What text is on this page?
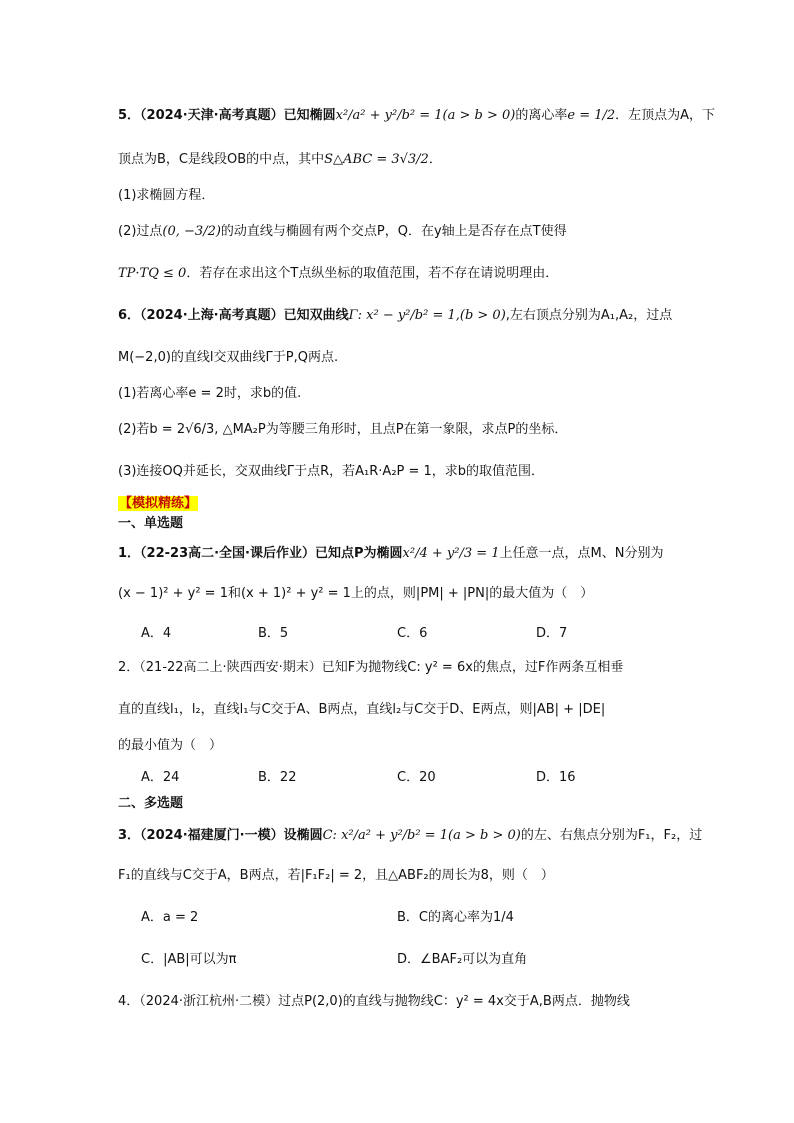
5．（2024·天津·高考真题）已知椭圆x²/a² + y²/b² = 1(a > b > 0)的离心率e = 1/2．左顶点为A，下
顶点为B，C是线段OB的中点，其中S△ABC = 3√3/2．
(1)求椭圆方程．
(2)过点(0, −3/2)的动直线与椭圆有两个交点P，Q．在y轴上是否存在点T使得
TP·TQ ≤ 0．若存在求出这个T点纵坐标的取值范围，若不存在请说明理由．
6．（2024·上海·高考真题）已知双曲线Γ: x² − y²/b² = 1,(b > 0),左右顶点分别为A₁,A₂，过点
M(−2,0)的直线l交双曲线Γ于P,Q两点.
(1)若离心率e = 2时，求b的值.
(2)若b = 2√6/3, △MA₂P为等腰三角形时，且点P在第一象限，求点P的坐标．
(3)连接OQ并延长，交双曲线Γ于点R，若A₁R·A₂P = 1，求b的取值范围．
【模拟精练】
一、单选题
1．（22-23高二·全国·课后作业）已知点P为椭圆x²/4 + y²/3 = 1上任意一点，点M、N分别为
(x − 1)² + y² = 1和(x + 1)² + y² = 1上的点，则|PM| + |PN|的最大值为（　）
A．4	B．5	C．6	D．7
2．（21-22高二上·陕西西安·期末）已知F为抛物线C: y² = 6x的焦点，过F作两条互相垂
直的直线l₁，l₂，直线l₁与C交于A、B两点，直线l₂与C交于D、E两点，则|AB| + |DE|
的最小值为（　）
A．24	B．22	C．20	D．16
二、多选题
3．（2024·福建厦门·一模）设椭圆C: x²/a² + y²/b² = 1(a > b > 0)的左、右焦点分别为F₁，F₂，过
F₁的直线与C交于A，B两点，若|F₁F₂| = 2，且△ABF₂的周长为8，则（　）
A．a = 2	B．C的离心率为1/4
C．|AB|可以为π	D．∠BAF₂可以为直角
4．（2024·浙江杭州·二模）过点P(2,0)的直线与抛物线C：y² = 4x交于A,B两点．抛物线
